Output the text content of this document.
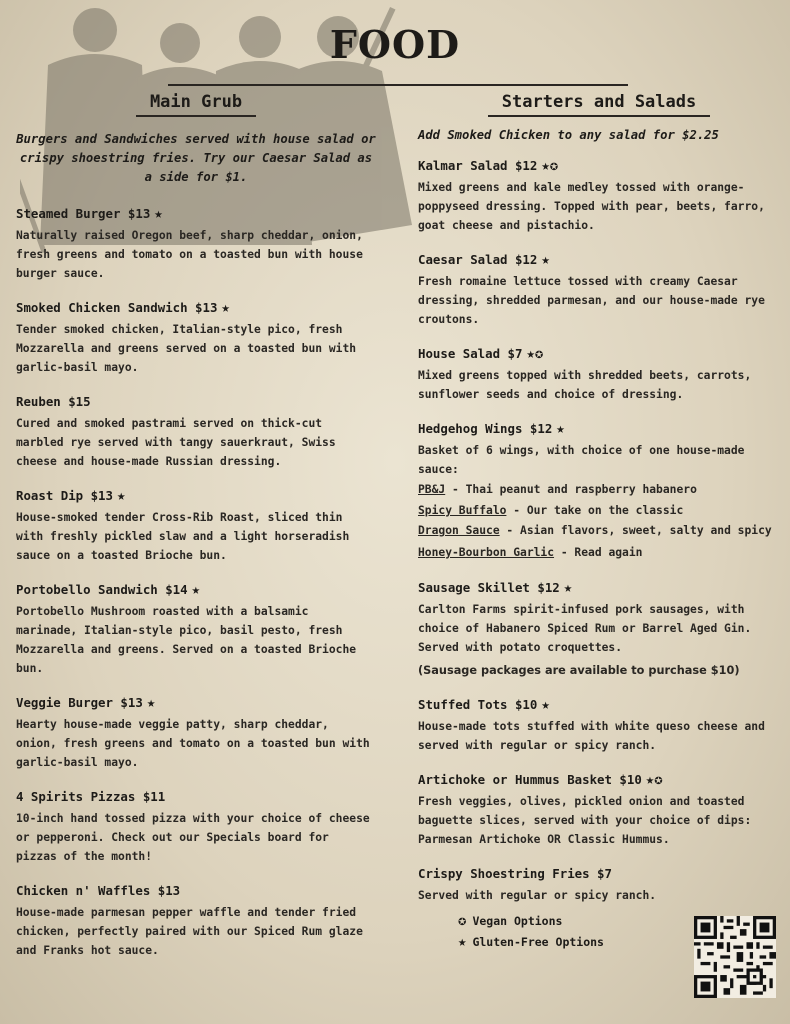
FOOD
Main Grub
Burgers and Sandwiches served with house salad or crispy shoestring fries. Try our Caesar Salad as a side for $1.
Steamed Burger $13 ★
Naturally raised Oregon beef, sharp cheddar, onion, fresh greens and tomato on a toasted bun with house burger sauce.
Smoked Chicken Sandwich $13 ★
Tender smoked chicken, Italian-style pico, fresh Mozzarella and greens served on a toasted bun with garlic-basil mayo.
Reuben $15
Cured and smoked pastrami served on thick-cut marbled rye served with tangy sauerkraut, Swiss cheese and house-made Russian dressing.
Roast Dip $13 ★
House-smoked tender Cross-Rib Roast, sliced thin with freshly pickled slaw and a light horseradish sauce on a toasted Brioche bun.
Portobello Sandwich $14 ★
Portobello Mushroom roasted with a balsamic marinade, Italian-style pico, basil pesto, fresh Mozzarella and greens. Served on a toasted Brioche bun.
Veggie Burger $13 ★
Hearty house-made veggie patty, sharp cheddar, onion, fresh greens and tomato on a toasted bun with garlic-basil mayo.
4 Spirits Pizzas $11
10-inch hand tossed pizza with your choice of cheese or pepperoni. Check out our Specials board for pizzas of the month!
Chicken n' Waffles $13
House-made parmesan pepper waffle and tender fried chicken, perfectly paired with our Spiced Rum glaze and Franks hot sauce.
Starters and Salads
Add Smoked Chicken to any salad for $2.25
Kalmar Salad $12 ★✪
Mixed greens and kale medley tossed with orange-poppyseed dressing. Topped with pear, beets, farro, goat cheese and pistachio.
Caesar Salad $12 ★
Fresh romaine lettuce tossed with creamy Caesar dressing, shredded parmesan, and our house-made rye croutons.
House Salad $7 ★✪
Mixed greens topped with shredded beets, carrots, sunflower seeds and choice of dressing.
Hedgehog Wings $12 ★
Basket of 6 wings, with choice of one house-made sauce:
PB&J - Thai peanut and raspberry habanero
Spicy Buffalo - Our take on the classic
Dragon Sauce - Asian flavors, sweet, salty and spicy
Honey-Bourbon Garlic - Read again
Sausage Skillet $12 ★
Carlton Farms spirit-infused pork sausages, with choice of Habanero Spiced Rum or Barrel Aged Gin. Served with potato croquettes.
(Sausage packages are available to purchase $10)
Stuffed Tots $10 ★
House-made tots stuffed with white queso cheese and served with regular or spicy ranch.
Artichoke or Hummus Basket $10 ★✪
Fresh veggies, olives, pickled onion and toasted baguette slices, served with your choice of dips: Parmesan Artichoke OR Classic Hummus.
Crispy Shoestring Fries $7
Served with regular or spicy ranch.
✪ Vegan Options
★ Gluten-Free Options
